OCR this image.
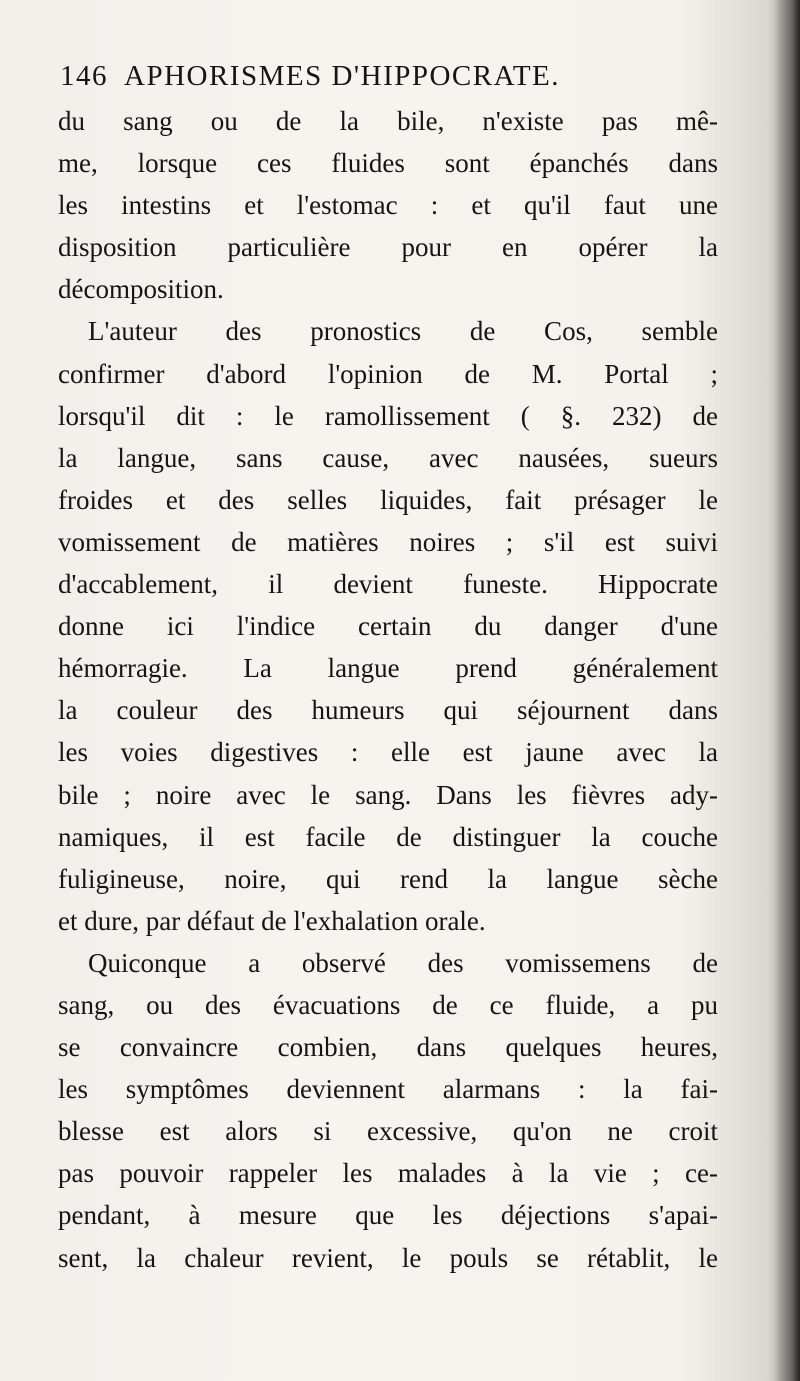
146 APHORISMES D'HIPPOCRATE.
du sang ou de la bile, n'existe pas mê-
me, lorsque ces fluides sont épanchés dans
les intestins et l'estomac : et qu'il faut une
disposition particulière pour en opérer la
décomposition.
L'auteur des pronostics de Cos, semble
confirmer d'abord l'opinion de M. Portal ;
lorsqu'il dit : le ramollissement ( §. 232) de
la langue, sans cause, avec nausées, sueurs
froides et des selles liquides, fait présager le
vomissement de matières noires ; s'il est suivi
d'accablement, il devient funeste. Hippocrate
donne ici l'indice certain du danger d'une
hémorragie. La langue prend généralement
la couleur des humeurs qui séjournent dans
les voies digestives : elle est jaune avec la
bile ; noire avec le sang. Dans les fièvres ady-
namiques, il est facile de distinguer la couche
fuligineuse, noire, qui rend la langue sèche
et dure, par défaut de l'exhalation orale.
Quiconque a observé des vomissemens de
sang, ou des évacuations de ce fluide, a pu
se convaincre combien, dans quelques heures,
les symptômes deviennent alarmans : la fai-
blesse est alors si excessive, qu'on ne croit
pas pouvoir rappeler les malades à la vie ; ce-
pendant, à mesure que les déjections s'apai-
sent, la chaleur revient, le pouls se rétablit, le
